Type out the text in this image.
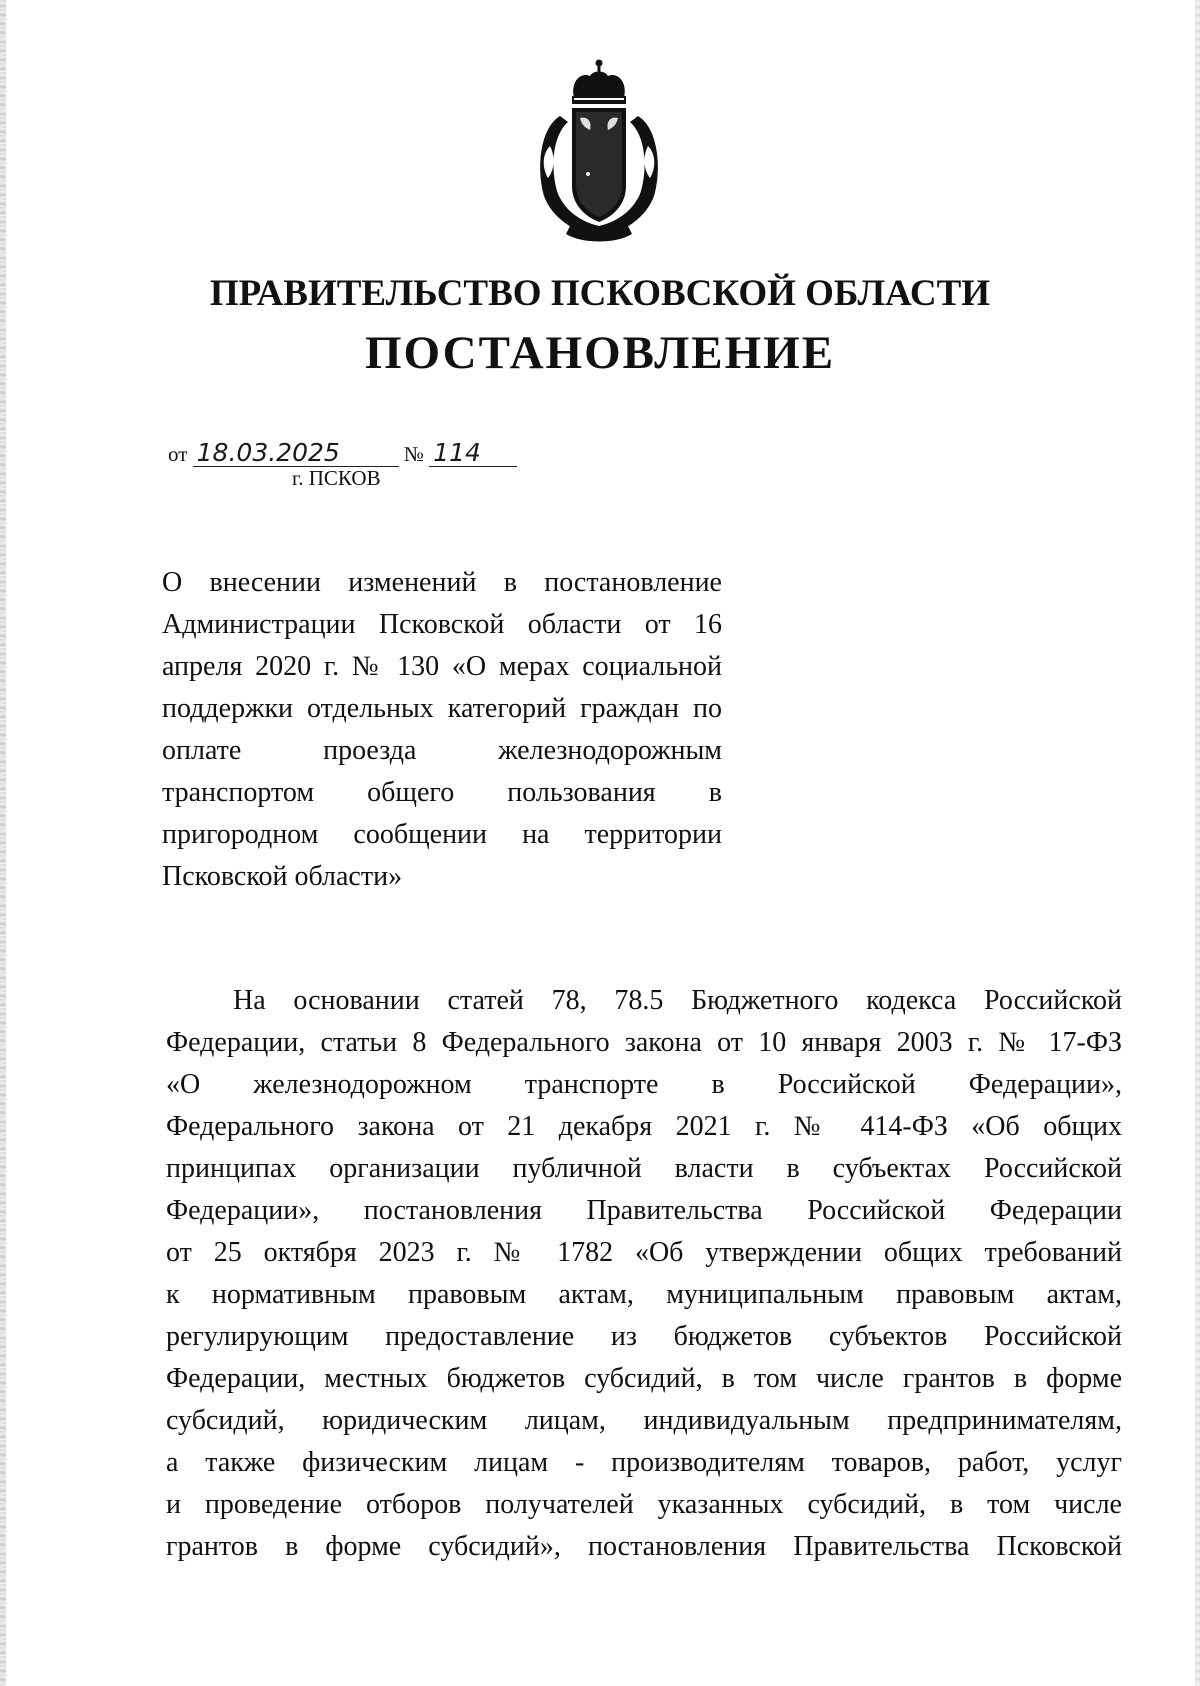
ПРАВИТЕЛЬСТВО ПСКОВСКОЙ ОБЛАСТИ
ПОСТАНОВЛЕНИЕ
от 18.03.2025	№ 114
г. ПСКОВ
О внесении изменений в постановление Администрации Псковской области от 16 апреля 2020 г. № 130 «О мерах социальной поддержки отдельных категорий граждан по оплате проезда железнодорожным транспортом общего пользования в пригородном сообщении на территории Псковской области»
На основании статей 78, 78.5 Бюджетного кодекса Российской
Федерации, статьи 8 Федерального закона от 10 января 2003 г. № 17-ФЗ
«О железнодорожном транспорте в Российской Федерации»,
Федерального закона от 21 декабря 2021 г. № 414-ФЗ «Об общих
принципах организации публичной власти в субъектах Российской
Федерации», постановления Правительства Российской Федерации
от 25 октября 2023 г. № 1782 «Об утверждении общих требований
к нормативным правовым актам, муниципальным правовым актам,
регулирующим предоставление из бюджетов субъектов Российской
Федерации, местных бюджетов субсидий, в том числе грантов в форме
субсидий, юридическим лицам, индивидуальным предпринимателям,
а также физическим лицам - производителям товаров, работ, услуг
и проведение отборов получателей указанных субсидий, в том числе
грантов в форме субсидий», постановления Правительства Псковской
